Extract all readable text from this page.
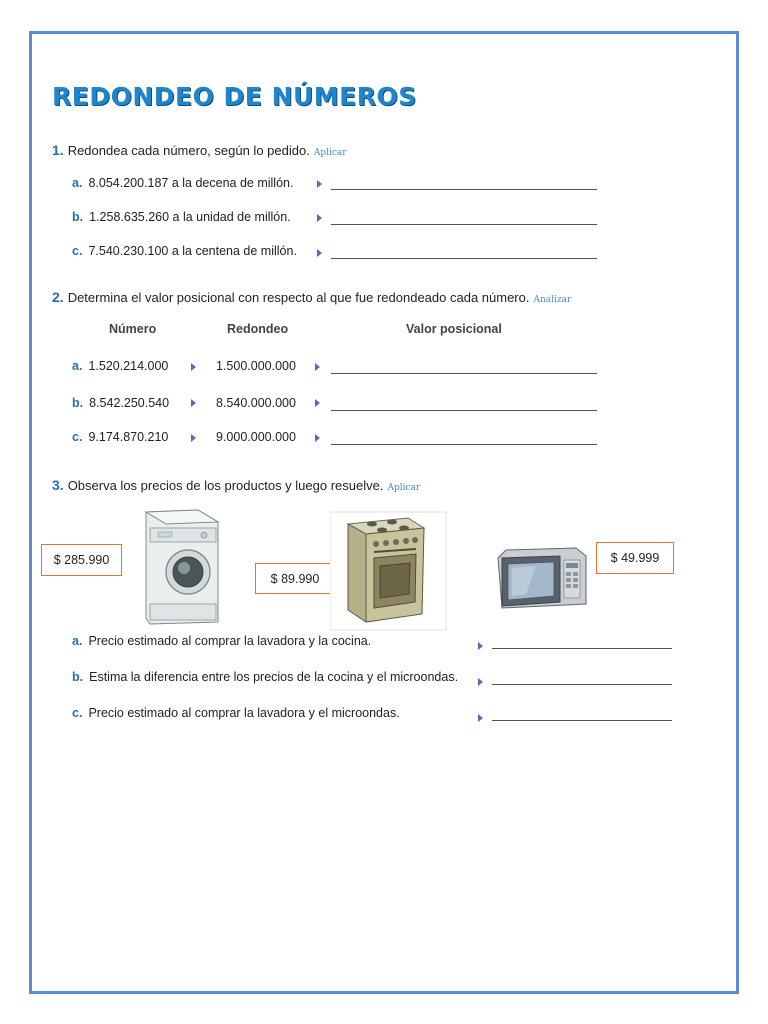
REDONDEO DE NÚMEROS
1. Redondea cada número, según lo pedido. Aplicar
a. 8.054.200.187 a la decena de millón.
b. 1.258.635.260 a la unidad de millón.
c. 7.540.230.100 a la centena de millón.
2. Determina el valor posicional con respecto al que fue redondeado cada número. Analizar
Número	Redondeo	Valor posicional
a. 1.520.214.000	1.500.000.000
b. 8.542.250.540	8.540.000.000
c. 9.174.870.210	9.000.000.000
3. Observa los precios de los productos y luego resuelve. Aplicar
$ 285.990
$ 89.990
$ 49.999
a. Precio estimado al comprar la lavadora y la cocina.
b. Estima la diferencia entre los precios de la cocina y el microondas.
c. Precio estimado al comprar la lavadora y el microondas.
